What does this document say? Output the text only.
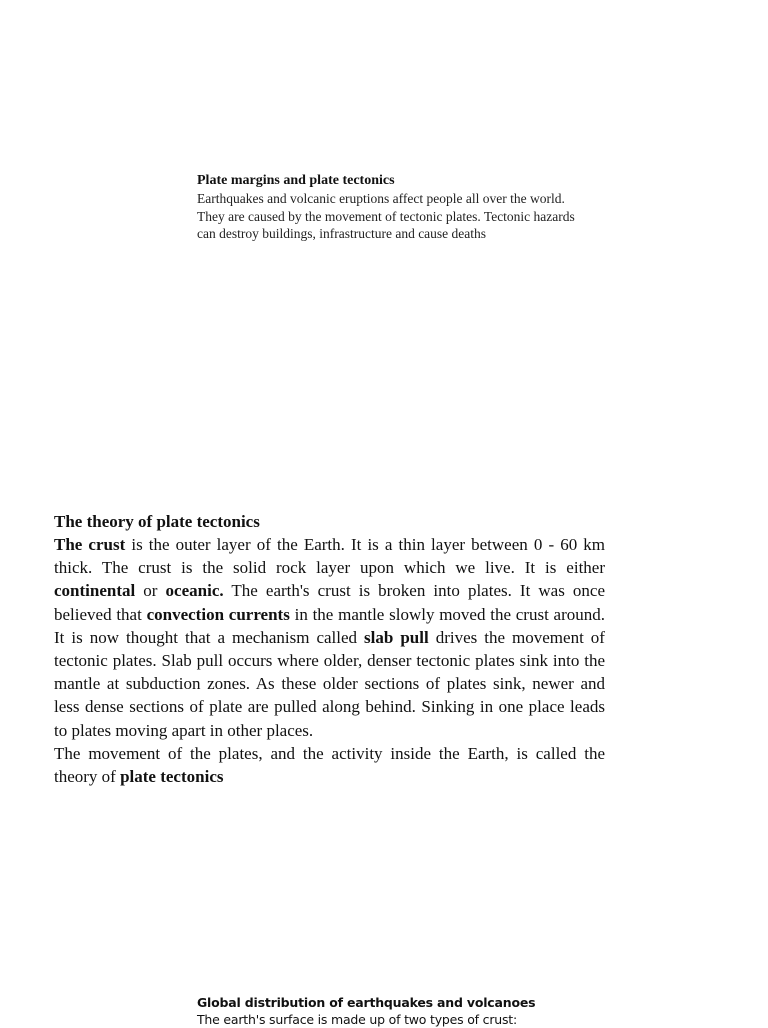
Plate margins and plate tectonics

Earthquakes and volcanic eruptions affect people all over the world. They are caused by the movement of tectonic plates. Tectonic hazards can destroy buildings, infrastructure and cause deaths

The theory of plate tectonics

The crust is the outer layer of the Earth. It is a thin layer between 0 - 60 km thick. The crust is the solid rock layer upon which we live. It is either continental or oceanic. The earth's crust is broken into plates. It was once believed that convection currents in the mantle slowly moved the crust around. It is now thought that a mechanism called slab pull drives the movement of tectonic plates. Slab pull occurs where older, denser tectonic plates sink into the mantle at subduction zones. As these older sections of plates sink, newer and less dense sections of plate are pulled along behind. Sinking in one place leads to plates moving apart in other places.

The movement of the plates, and the activity inside the Earth, is called the theory of plate tectonics

Global distribution of earthquakes and volcanoes

The earth's surface is made up of two types of crust:
